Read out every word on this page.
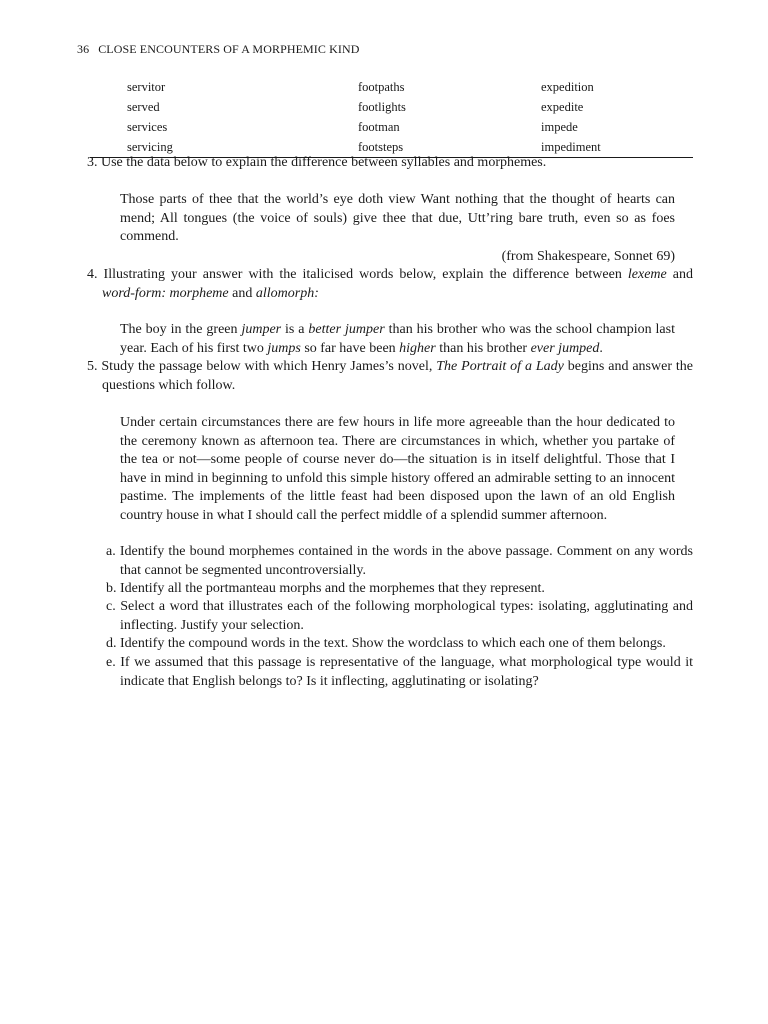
36 CLOSE ENCOUNTERS OF A MORPHEMIC KIND
servitor	footpaths	expedition
served	footlights	expedite
services	footman	impede
servicing	footsteps	impediment
3. Use the data below to explain the difference between syllables and morphemes.
Those parts of thee that the world’s eye doth view Want nothing that the thought of hearts can mend; All tongues (the voice of souls) give thee that due, Utt’ring bare truth, even so as foes commend.
(from Shakespeare, Sonnet 69)
4. Illustrating your answer with the italicised words below, explain the difference between lexeme and word-form: morpheme and allomorph:
The boy in the green jumper is a better jumper than his brother who was the school champion last year. Each of his first two jumps so far have been higher than his brother ever jumped.
5. Study the passage below with which Henry James’s novel, The Portrait of a Lady begins and answer the questions which follow.
Under certain circumstances there are few hours in life more agreeable than the hour dedicated to the ceremony known as afternoon tea. There are circumstances in which, whether you partake of the tea or not—some people of course never do—the situation is in itself delightful. Those that I have in mind in beginning to unfold this simple history offered an admirable setting to an innocent pastime. The implements of the little feast had been disposed upon the lawn of an old English country house in what I should call the perfect middle of a splendid summer afternoon.
a. Identify the bound morphemes contained in the words in the above passage. Comment on any words that cannot be segmented uncontroversially.
b. Identify all the portmanteau morphs and the morphemes that they represent.
c. Select a word that illustrates each of the following morphological types: isolating, agglutinating and inflecting. Justify your selection.
d. Identify the compound words in the text. Show the wordclass to which each one of them belongs.
e. If we assumed that this passage is representative of the language, what morphological type would it indicate that English belongs to? Is it inflecting, agglutinating or isolating?
